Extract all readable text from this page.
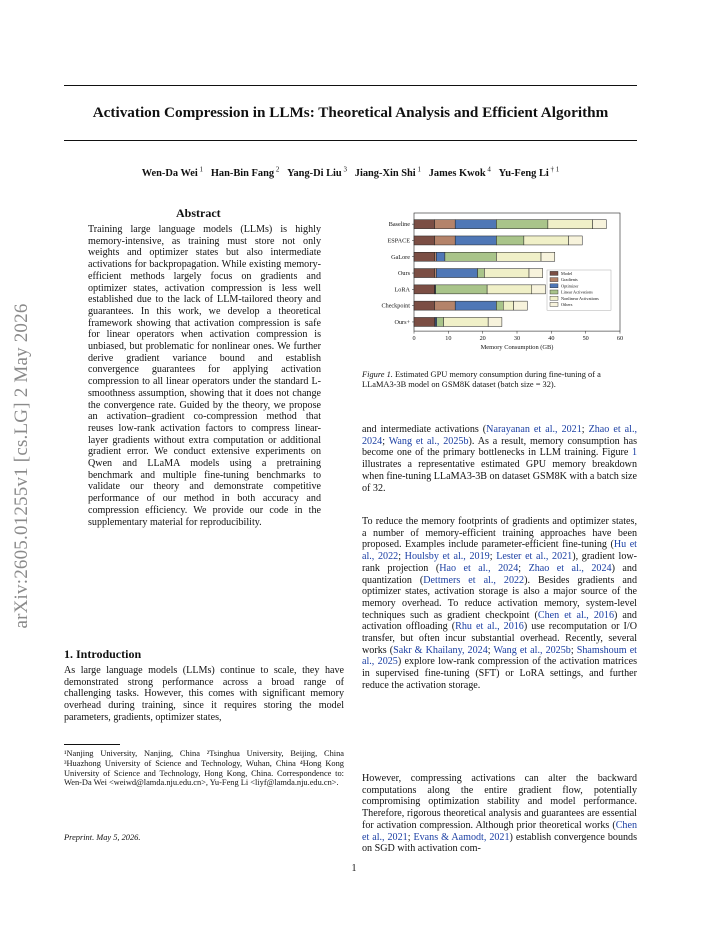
Activation Compression in LLMs: Theoretical Analysis and Efficient Algorithm
Wen-Da Wei $^1$ Han-Bin Fang $^2$ Yang-Di Liu $^3$ Jiang-Xin Shi $^1$ James Kwok $^4$ Yu-Feng Li $^{\dagger 1}$
arXiv:2605.01255v1 [cs.LG] 2 May 2026
Abstract
Training large language models (LLMs) is highly memory-intensive, as training must store not only weights and optimizer states but also intermediate activations for backpropagation. While existing memory-efficient methods largely focus on gradients and optimizer states, activation compression is less well established due to the lack of LLM-tailored theory and guarantees. In this work, we develop a theoretical framework showing that activation compression is safe for linear operators when activation compression is unbiased, but problematic for nonlinear ones. We further derive gradient variance bound and establish convergence guarantees for applying activation compression to all linear operators under the standard L-smoothness assumption, showing that it does not change the convergence rate. Guided by the theory, we propose an activation–gradient co-compression method that reuses low-rank activation factors to compress linear-layer gradients without extra computation or additional gradient error. We conduct extensive experiments on Qwen and LLaMA models using a pretraining benchmark and multiple fine-tuning benchmarks to validate our theory and demonstrate competitive performance of our method in both accuracy and compression efficiency. We provide our code in the supplementary material for reproducibility.
1. Introduction
As large language models (LLMs) continue to scale, they have demonstrated strong performance across a broad range of challenging tasks. However, this comes with significant memory overhead during training, since it requires storing the model parameters, gradients, optimizer states,
¹Nanjing University, Nanjing, China ²Tsinghua University, Beijing, China ³Huazhong University of Science and Technology, Wuhan, China ⁴Hong Kong University of Science and Technology, Hong Kong, China. Correspondence to: Wen-Da Wei <weiwd@lamda.nju.edu.cn>, Yu-Feng Li <liyf@lamda.nju.edu.cn>.
Preprint. May 5, 2026.
Baseline
ESPACE
GaLore
Ours
LoRA
Checkpoint
Ours+
0	10	20	30	40	50	60
Memory Consumption (GB)
Model
Gradients
Optimizer
Linear Activations
Nonlinear Activations
Others
Figure 1. Estimated GPU memory consumption during fine-tuning of a LLaMA3-3B model on GSM8K dataset (batch size = 32).
and intermediate activations (Narayanan et al., 2021; Zhao et al., 2024; Wang et al., 2025b). As a result, memory consumption has become one of the primary bottlenecks in LLM training. Figure 1 illustrates a representative estimated GPU memory breakdown when fine-tuning LLaMA3-3B on dataset GSM8K with a batch size of 32.
To reduce the memory footprints of gradients and optimizer states, a number of memory-efficient training approaches have been proposed. Examples include parameter-efficient fine-tuning (Hu et al., 2022; Houlsby et al., 2019; Lester et al., 2021), gradient low-rank projection (Hao et al., 2024; Zhao et al., 2024) and quantization (Dettmers et al., 2022). Besides gradients and optimizer states, activation storage is also a major source of the memory overhead. To reduce activation memory, system-level techniques such as gradient checkpoint (Chen et al., 2016) and activation offloading (Rhu et al., 2016) use recomputation or I/O transfer, but often incur substantial overhead. Recently, several works (Sakr & Khailany, 2024; Wang et al., 2025b; Shamshoum et al., 2025) explore low-rank compression of the activation matrices in supervised fine-tuning (SFT) or LoRA settings, and further reduce the activation storage.
However, compressing activations can alter the backward computations along the entire gradient flow, potentially compromising optimization stability and model performance. Therefore, rigorous theoretical analysis and guarantees are essential for activation compression. Although prior theoretical works (Chen et al., 2021; Evans & Aamodt, 2021) establish convergence bounds on SGD with activation com-
1
